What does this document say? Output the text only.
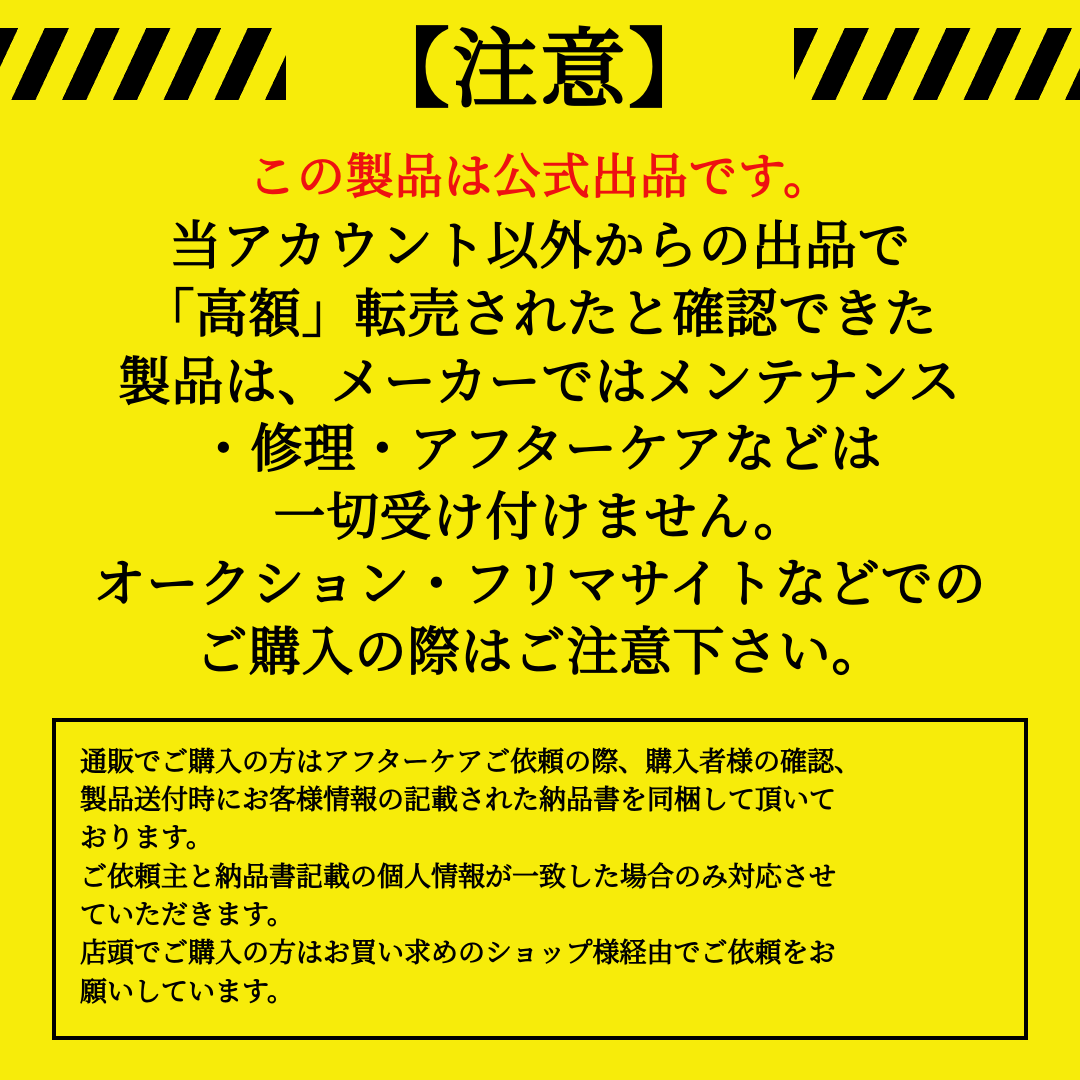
【注意】
この製品は公式出品です。
当アカウント以外からの出品で
「高額」転売されたと確認できた
製品は、メーカーではメンテナンス
・修理・アフターケアなどは
一切受け付けません。
オークション・フリマサイトなどでの
ご購入の際はご注意下さい。
通販でご購入の方はアフターケアご依頼の際、購入者様の確認、
製品送付時にお客様情報の記載された納品書を同梱して頂いて
おります。
ご依頼主と納品書記載の個人情報が一致した場合のみ対応させ
ていただきます。
店頭でご購入の方はお買い求めのショップ様経由でご依頼をお
願いしています。
